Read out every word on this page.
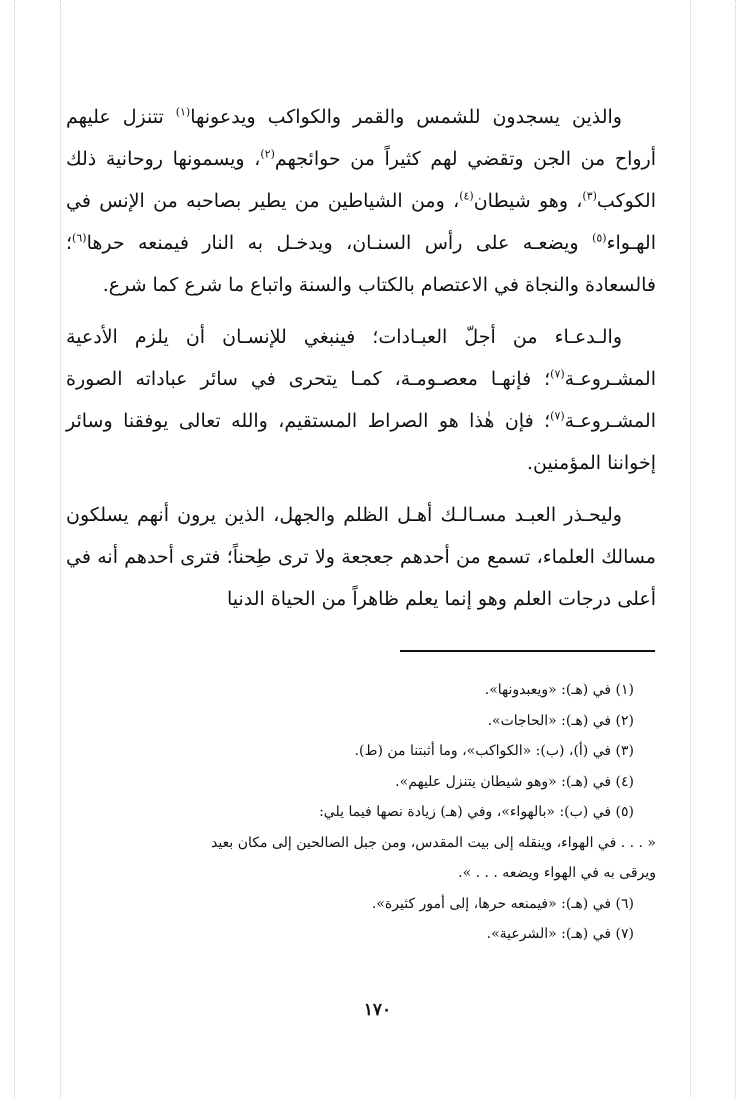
والذين يسجدون للشمس والقمر والكواكب ويدعونها$^{(١)}$ تتنزل عليهم أرواح من الجن وتقضي لهم كثيراً من حوائجهم$^{(٢)}$، ويسمونها روحانية ذلك الكوكب$^{(٣)}$، وهو شيطان$^{(٤)}$، ومن الشياطين من يطير بصاحبه من الإنس في الهـواء$^{(٥)}$ ويضعـه على رأس السنـان، ويدخـل به النار فيمنعه حرها$^{(٦)}$؛ فالسعادة والنجاة في الاعتصام بالكتاب والسنة واتباع ما شرع كما شرع.

والـدعـاء من أجلّ العبـادات؛ فينبغي للإنسـان أن يلزم الأدعية المشـروعـة$^{(٧)}$؛ فإنهـا معصـومـة، كمـا يتحرى في سائر عباداته الصورة المشـروعـة$^{(٧)}$؛ فإن هٰذا هو الصراط المستقيم، والله تعالى يوفقنا وسائر إخواننا المؤمنين.

وليحـذر العبـد مسـالـك أهـل الظلم والجهل، الذين يرون أنهم يسلكون مسالك العلماء، تسمع من أحدهم جعجعة ولا ترى طِحناً؛ فترى أحدهم أنه في أعلى درجات العلم وهو إنما يعلم ظاهراً من الحياة الدنيا

(١) في (هـ): «ويعبدونها».

(٢) في (هـ): «الحاجات».

(٣) في (أ)، (ب): «الكواكب»، وما أثبتنا من (ط).

(٤) في (هـ): «وهو شيطان يتنزل عليهم».

(٥) في (ب): «بالهواء»، وفي (هـ) زيادة نصها فيما يلي:

« . . . في الهواء، وينقله إلى بيت المقدس، ومن جبل الصالحين إلى مكان بعيد

ويرقى به في الهواء ويضعه . . . ».

(٦) في (هـ): «فيمنعه حرها، إلى أمور كثيرة».

(٧) في (هـ): «الشرعية».

١٧٠
